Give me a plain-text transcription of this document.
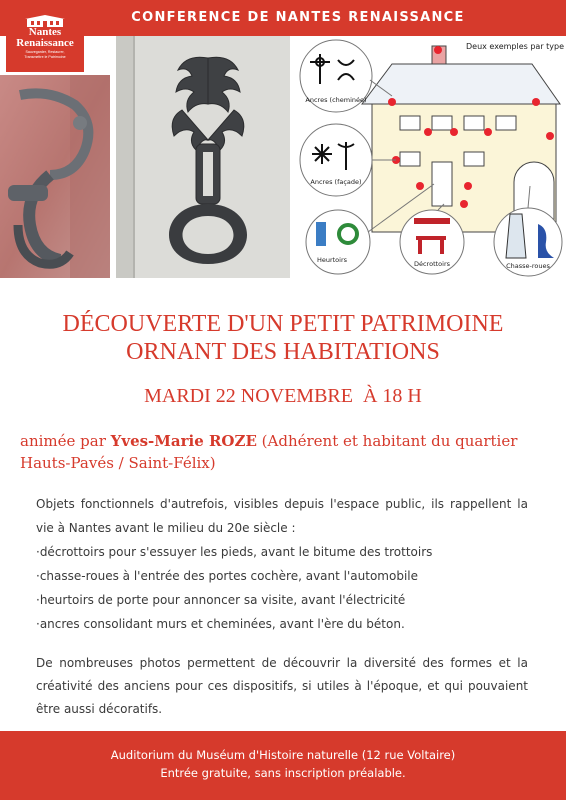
CONFERENCE DE NANTES RENAISSANCE
Nantes
Renaissance
Sauvegarder, Restaurer,
Transmettre le Patrimoine
Deux exemples par type
Ancres (cheminée)
Ancres (façade)
Heurtoirs	Décrottoirs	Chasse-roues
DÉCOUVERTE D'UN PETIT PATRIMOINE
ORNANT DES HABITATIONS
MARDI 22 NOVEMBRE  À 18 H
animée par Yves-Marie ROZE (Adhérent et habitant du quartier Hauts-Pavés / Saint-Félix)

Objets fonctionnels d'autrefois, visibles depuis l'espace public, ils rappellent la vie à Nantes avant le milieu du 20e siècle :

·décrottoirs pour s'essuyer les pieds, avant le bitume des trottoirs

·chasse-roues à l'entrée des portes cochère, avant l'automobile

·heurtoirs de porte pour annoncer sa visite, avant l'électricité

·ancres consolidant murs et cheminées, avant l'ère du béton.

De nombreuses photos permettent de découvrir la diversité des formes et la créativité des anciens pour ces dispositifs, si utiles à l'époque, et qui pouvaient être aussi décoratifs.

Auditorium du Muséum d'Histoire naturelle (12 rue Voltaire)

Entrée gratuite, sans inscription préalable.
